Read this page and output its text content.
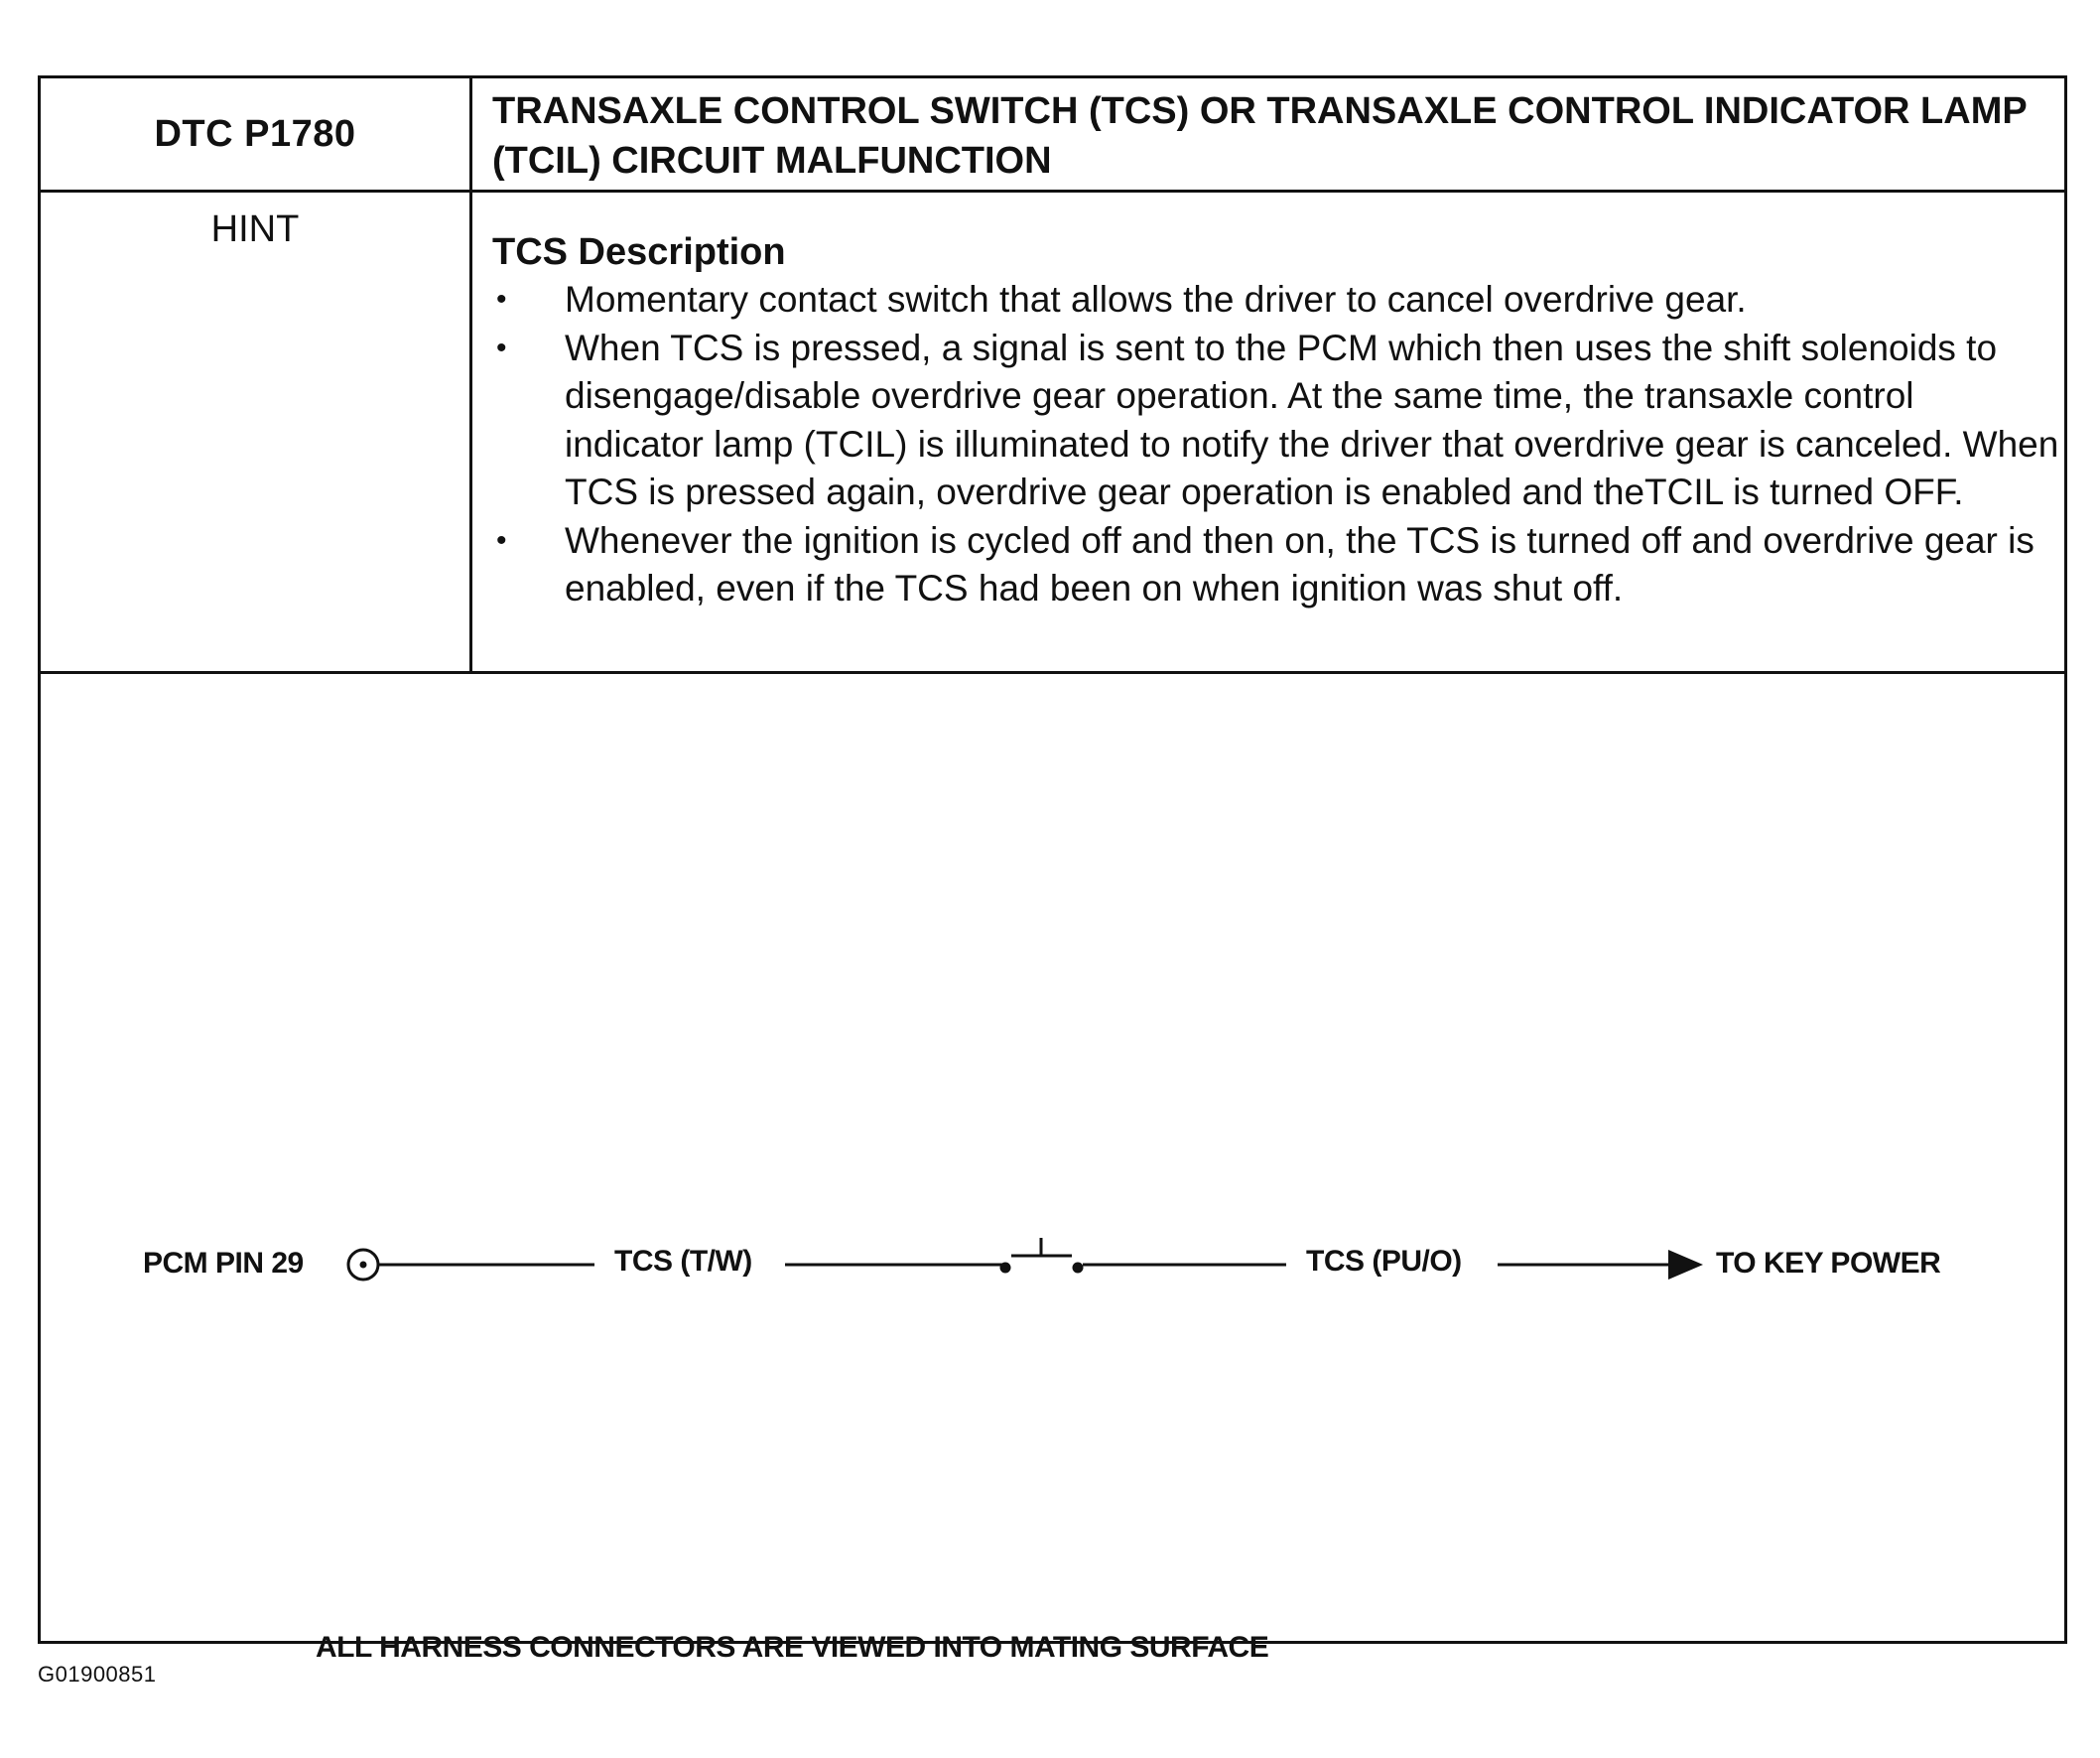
DTC P1780
TRANSAXLE CONTROL SWITCH (TCS) OR TRANSAXLE CONTROL INDICATOR LAMP (TCIL) CIRCUIT MALFUNCTION
HINT

TCS Description

• Momentary contact switch that allows the driver to cancel overdrive gear.
• When TCS is pressed, a signal is sent to the PCM which then uses the shift solenoids to disengage/disable overdrive gear operation. At the same time, the transaxle control indicator lamp (TCIL) is illuminated to notify the driver that overdrive gear is canceled. When TCS is pressed again, overdrive gear operation is enabled and theTCIL is turned OFF.
• Whenever the ignition is cycled off and then on, the TCS is turned off and overdrive gear is enabled, even if the TCS had been on when ignition was shut off.
PCM PIN 29	TCS (T/W)	TCS (PU/O)	TO KEY POWER
ALL HARNESS CONNECTORS ARE VIEWED INTO MATING SURFACE
G01900851
